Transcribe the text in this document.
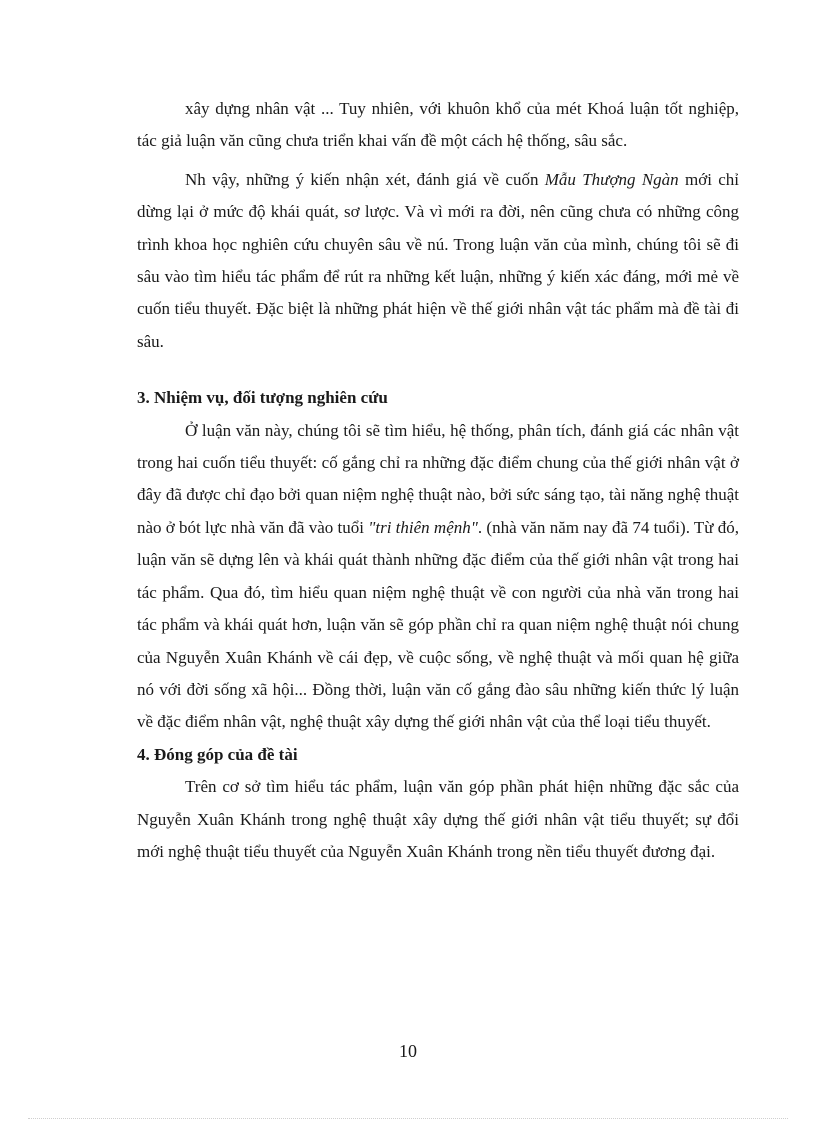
xây dựng nhân vật ... Tuy nhiên, với khuôn khổ của mét Khoá luận tốt nghiệp, tác giả luận văn cũng chưa triển khai vấn đề một cách hệ thống, sâu sắc.

Nh vậy, những ý kiến nhận xét, đánh giá về cuốn Mẫu Thượng Ngàn mới chỉ dừng lại ở mức độ khái quát, sơ lược. Và vì mới ra đời, nên cũng chưa có những công trình khoa học nghiên cứu chuyên sâu về nú. Trong luận văn của mình, chúng tôi sẽ đi sâu vào tìm hiểu tác phẩm để rút ra những kết luận, những ý kiến xác đáng, mới mẻ về cuốn tiểu thuyết. Đặc biệt là những phát hiện về thế giới nhân vật tác phẩm mà đề tài đi sâu.

3. Nhiệm vụ, đối tượng nghiên cứu

Ở luận văn này, chúng tôi sẽ tìm hiểu, hệ thống, phân tích, đánh giá các nhân vật trong hai cuốn tiểu thuyết: cố gắng chỉ ra những đặc điểm chung của thế giới nhân vật ở đây đã được chỉ đạo bởi quan niệm nghệ thuật nào, bởi sức sáng tạo, tài năng nghệ thuật nào ở bót lực nhà văn đã vào tuổi "tri thiên mệnh". (nhà văn năm nay đã 74 tuổi). Từ đó, luận văn sẽ dựng lên và khái quát thành những đặc điểm của thế giới nhân vật trong hai tác phẩm. Qua đó, tìm hiểu quan niệm nghệ thuật về con người của nhà văn trong hai tác phẩm và khái quát hơn, luận văn sẽ góp phần chỉ ra quan niệm nghệ thuật nói chung của Nguyễn Xuân Khánh về cái đẹp, về cuộc sống, về nghệ thuật và mối quan hệ giữa nó với đời sống xã hội... Đồng thời, luận văn cố gắng đào sâu những kiến thức lý luận về đặc điểm nhân vật, nghệ thuật xây dựng thế giới nhân vật của thể loại tiểu thuyết.

4. Đóng góp của đề tài

Trên cơ sở tìm hiểu tác phẩm, luận văn góp phần phát hiện những đặc sắc của Nguyễn Xuân Khánh trong nghệ thuật xây dựng thế giới nhân vật tiểu thuyết; sự đổi mới nghệ thuật tiểu thuyết của Nguyễn Xuân Khánh trong nền tiểu thuyết đương đại.

10
